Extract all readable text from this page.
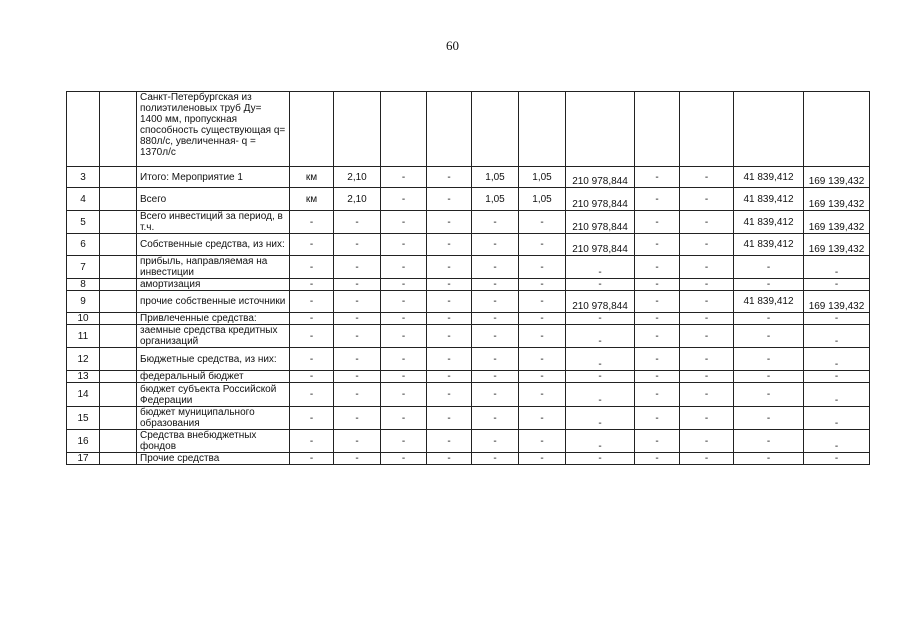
60
		Санкт-Петербургская из полиэтиленовых труб Ду= 1400 мм, пропускная способность существующая q= 880л/с, увеличенная- q = 1370л/с											
3		Итого: Мероприятие 1	км	2,10	-	-	1,05	1,05	210 978,844	-	-	41 839,412	169 139,432
4		Всего	км	2,10	-	-	1,05	1,05	210 978,844	-	-	41 839,412	169 139,432
5		Всего инвестиций за период, в т.ч.	-	-	-	-	-	-	210 978,844	-	-	41 839,412	169 139,432
6		Собственные средства, из них:	-	-	-	-	-	-	210 978,844	-	-	41 839,412	169 139,432
7		прибыль, направляемая на инвестиции	-	-	-	-	-	-	-	-	-	-	-
8		амортизация	-	-	-	-	-	-	-	-	-	-	-
9		прочие собственные источники	-	-	-	-	-	-	210 978,844	-	-	41 839,412	169 139,432
10		Привлеченные средства:	-	-	-	-	-	-	-	-	-	-	-
11		заемные средства кредитных организаций	-	-	-	-	-	-	-	-	-	-	-
12		Бюджетные средства, из них:	-	-	-	-	-	-	-	-	-	-	-
13		федеральный бюджет	-	-	-	-	-	-	-	-	-	-	-
14		бюджет субъекта Российской Федерации	-	-	-	-	-	-	-	-	-	-	-
15		бюджет муниципального образования	-	-	-	-	-	-	-	-	-	-	-
16		Средства внебюджетных фондов	-	-	-	-	-	-	-	-	-	-	-
17		Прочие средства	-	-	-	-	-	-	-	-	-	-	-
